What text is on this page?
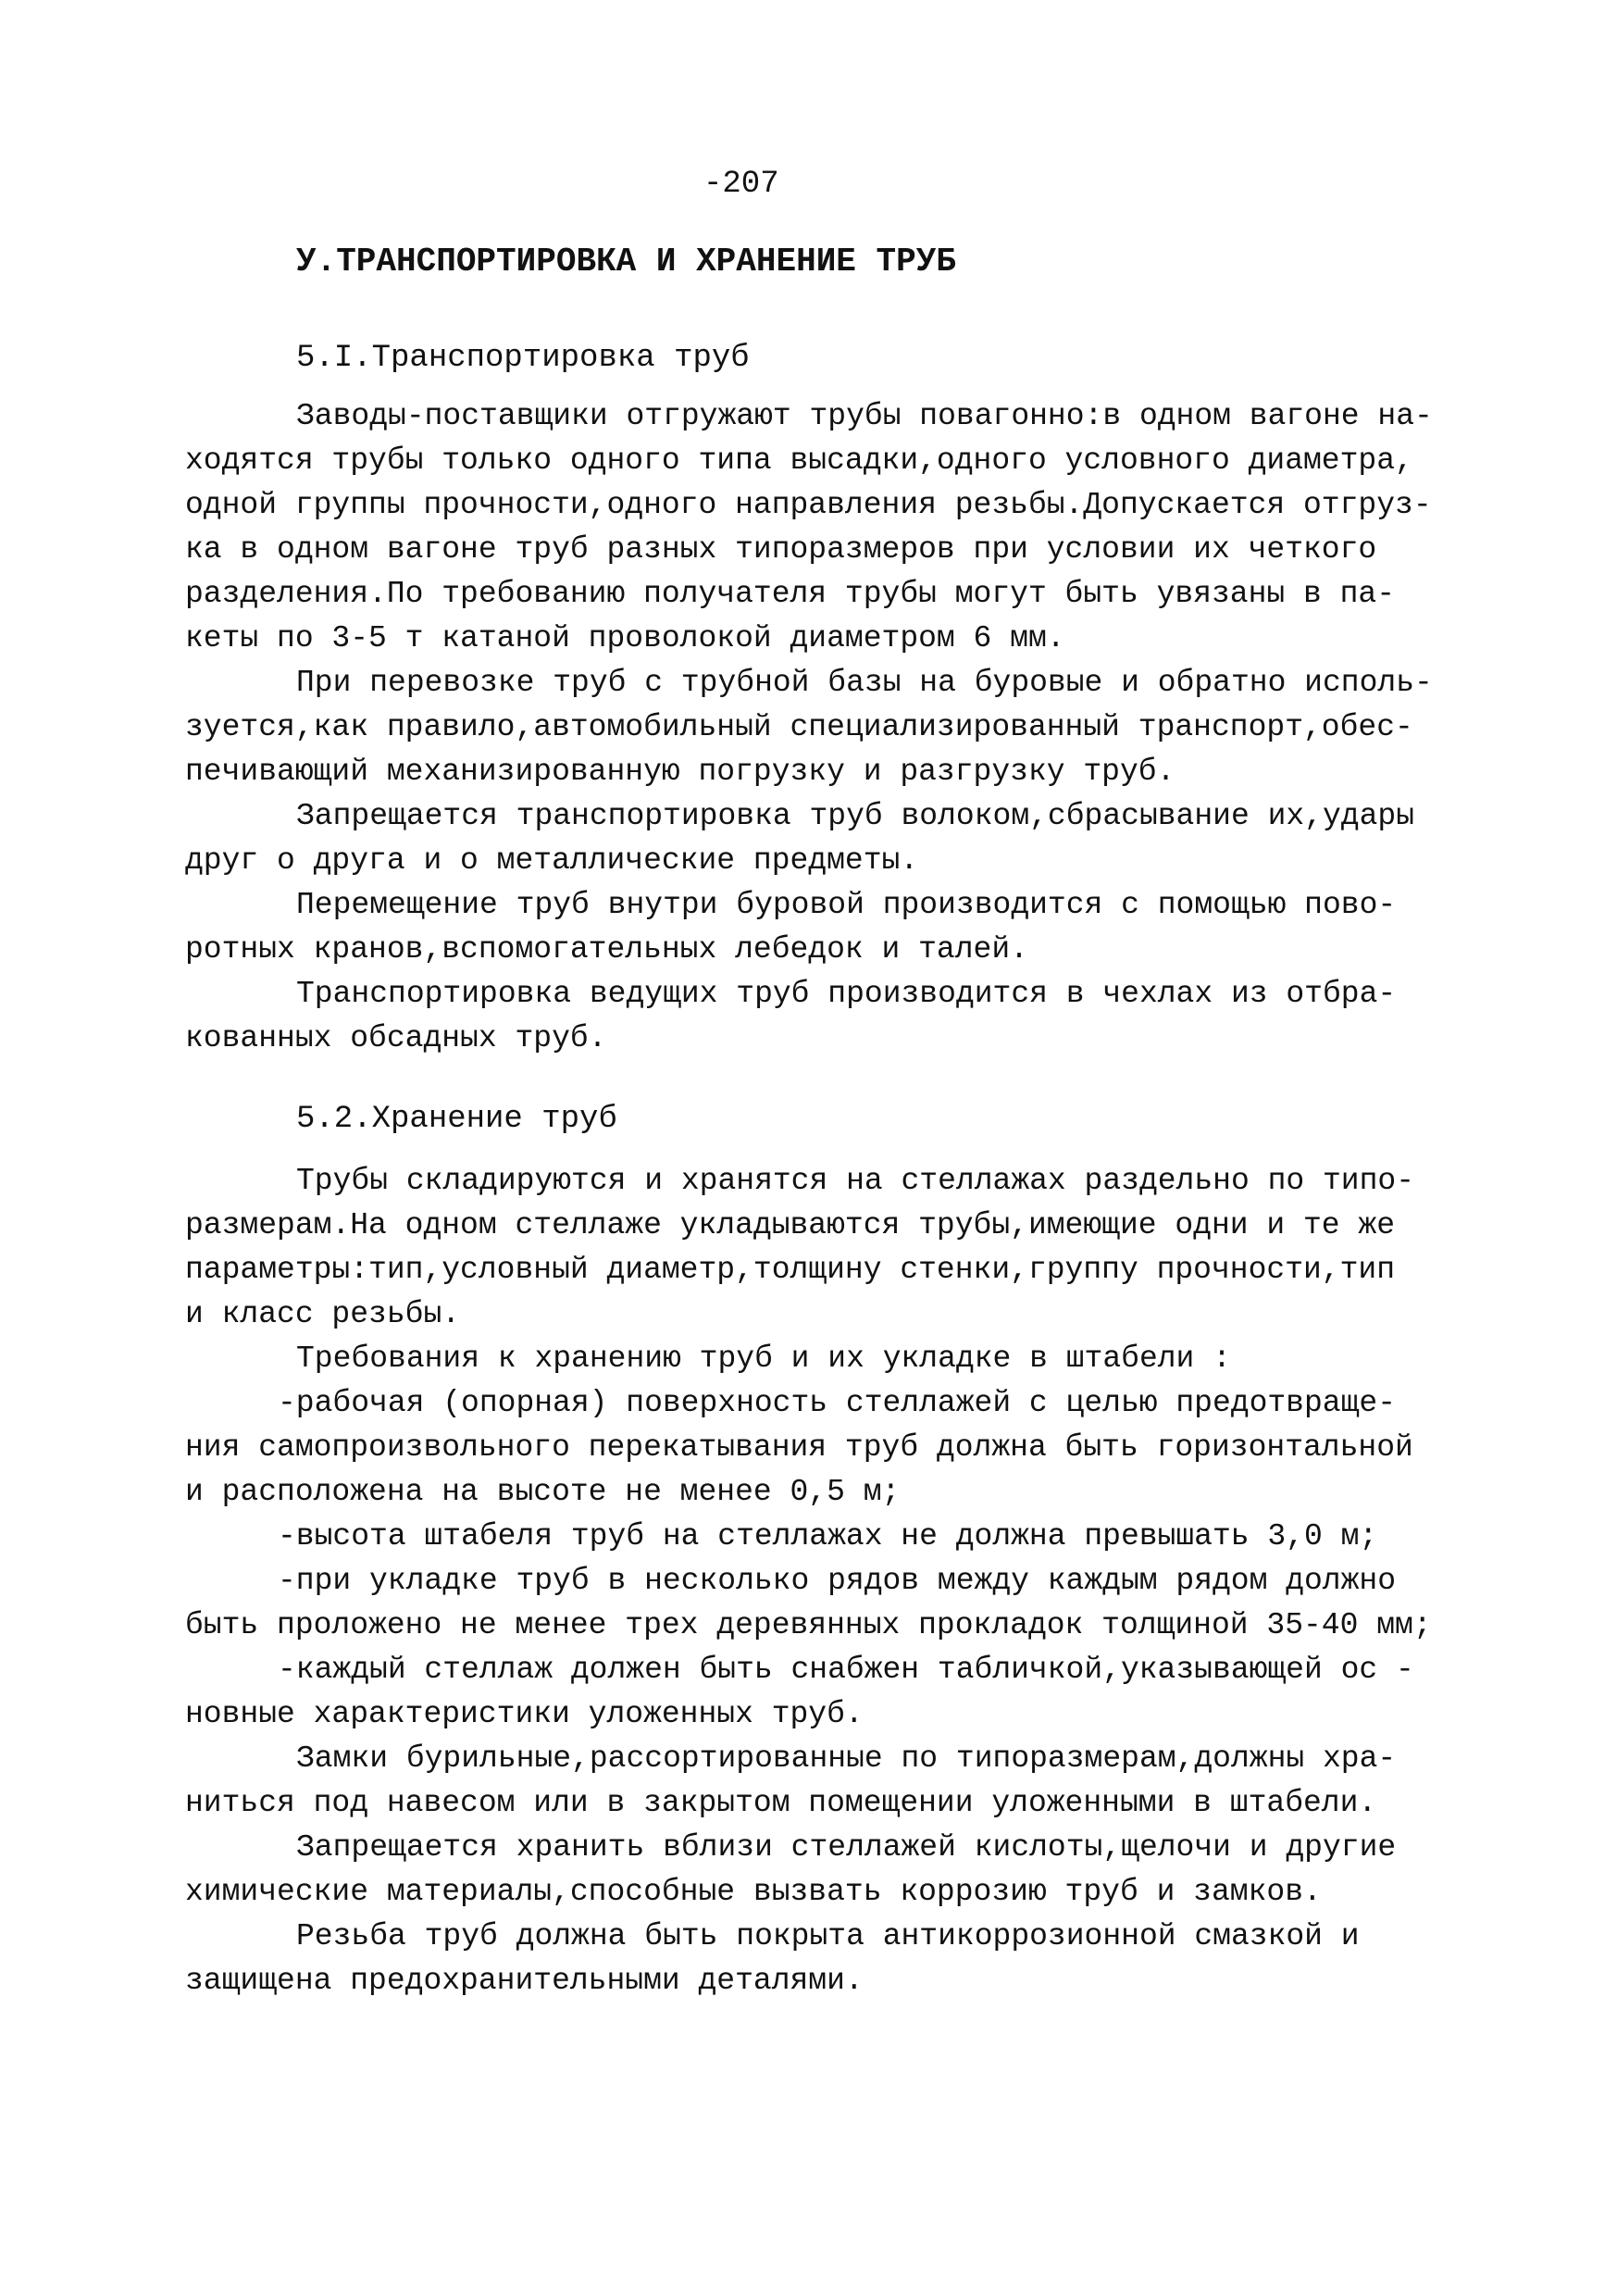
-207
У.ТРАНСПОРТИРОВКА И ХРАНЕНИЕ ТРУБ
5.I.Транспортировка труб
Заводы-поставщики отгружают трубы повагонно:в одном вагоне на-
ходятся трубы только одного типа высадки,одного условного диаметра,
одной группы прочности,одного направления резьбы.Допускается отгруз-
ка в одном вагоне труб разных типоразмеров при условии их четкого
разделения.По требованию получателя трубы могут быть увязаны в па-
кеты по 3-5 т катаной проволокой диаметром 6 мм.
При перевозке труб с трубной базы на буровые и обратно исполь-
зуется,как правило,автомобильный специализированный транспорт,обес-
печивающий механизированную погрузку и разгрузку труб.
Запрещается транспортировка труб волоком,сбрасывание их,удары
друг о друга и о металлические предметы.
Перемещение труб внутри буровой производится с помощью пово-
ротных кранов,вспомогательных лебедок и талей.
Транспортировка ведущих труб производится в чехлах из отбра-
кованных обсадных труб.
5.2.Хранение труб
Трубы складируются и хранятся на стеллажах раздельно по типо-
размерам.На одном стеллаже укладываются трубы,имеющие одни и те же
параметры:тип,условный диаметр,толщину стенки,группу прочности,тип
и класс резьбы.
Требования к хранению труб и их укладке в штабели :
-рабочая (опорная) поверхность стеллажей с целью предотвраще-
ния самопроизвольного перекатывания труб должна быть горизонтальной
и расположена на высоте не менее 0,5 м;
-высота штабеля труб на стеллажах не должна превышать 3,0 м;
-при укладке труб в несколько рядов между каждым рядом должно
быть проложено не менее трех деревянных прокладок толщиной 35-40 мм;
-каждый стеллаж должен быть снабжен табличкой,указывающей ос -
новные характеристики уложенных труб.
Замки бурильные,рассортированные по типоразмерам,должны хра-
ниться под навесом или в закрытом помещении уложенными в штабели.
Запрещается хранить вблизи стеллажей кислоты,щелочи и другие
химические материалы,способные вызвать коррозию труб и замков.
Резьба труб должна быть покрыта антикоррозионной смазкой и
защищена предохранительными деталями.
